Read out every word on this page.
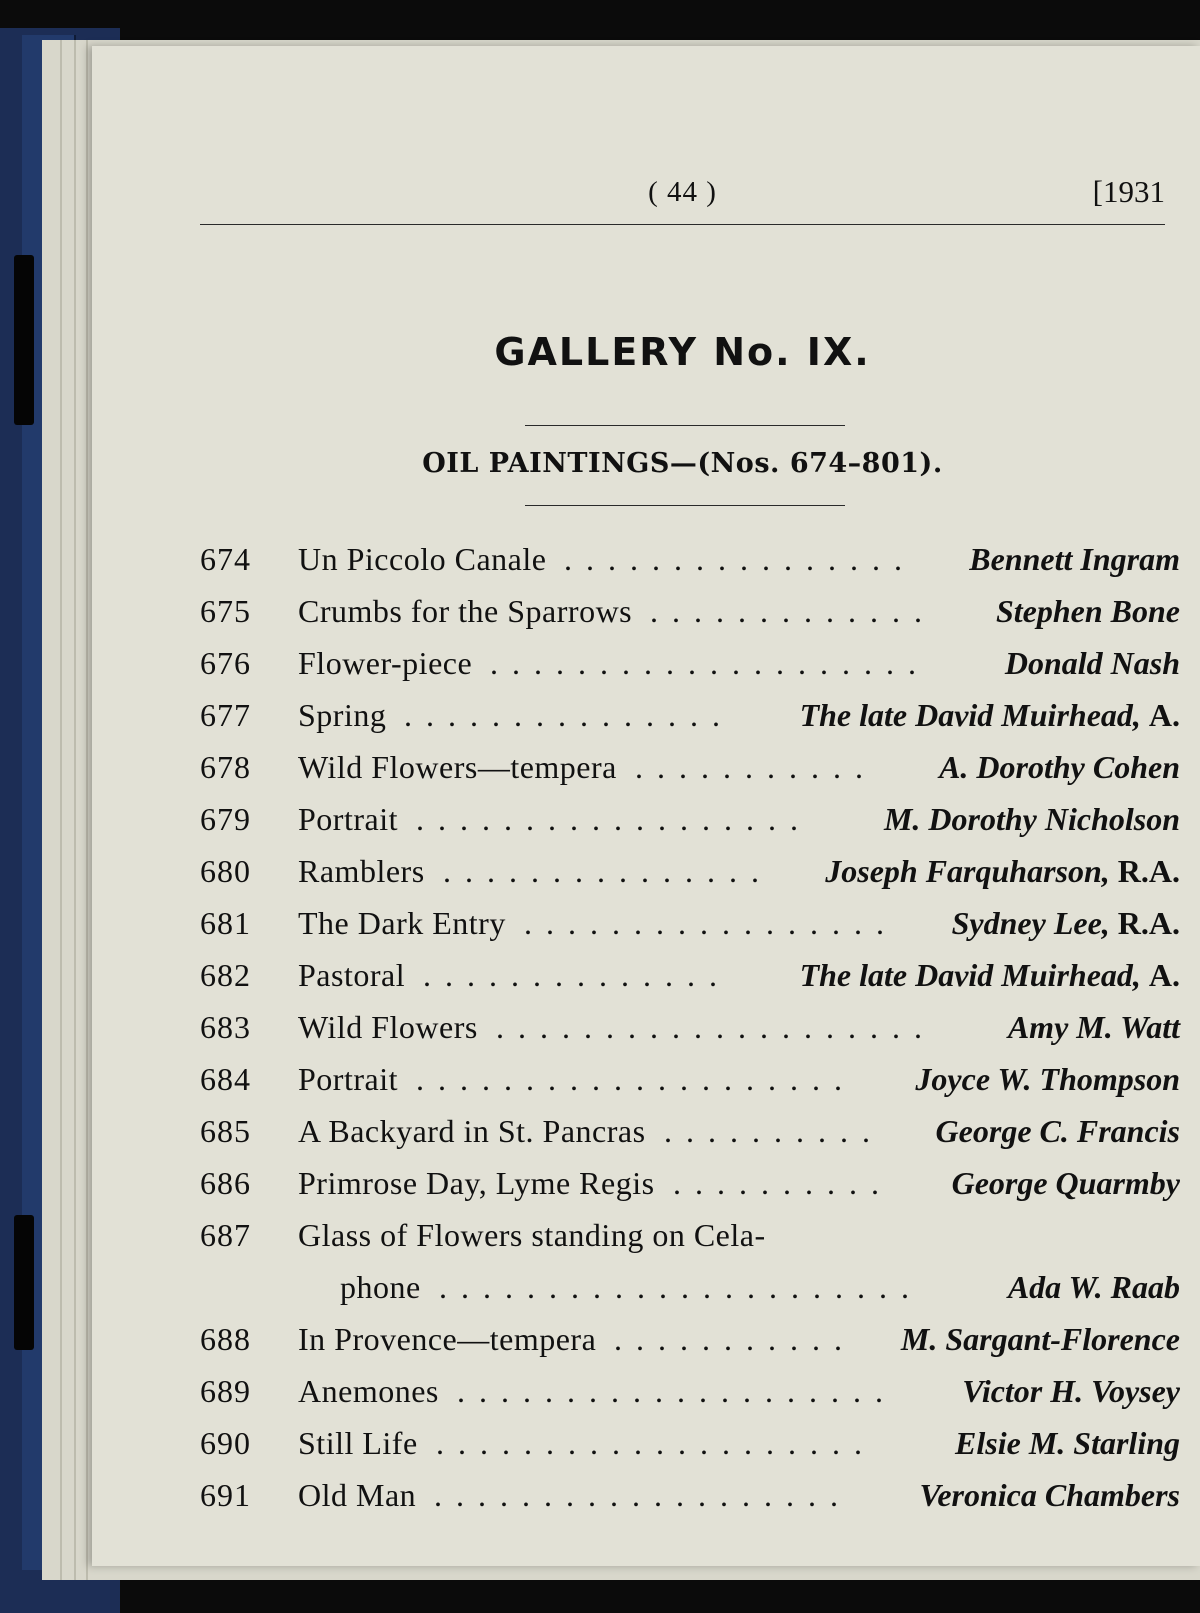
( 44 )	[1931
GALLERY No. IX.
OIL PAINTINGS—(Nos. 674–801).
674	Un Piccolo Canale	Bennett Ingram
................
675	Crumbs for the Sparrows	Stephen Bone
.............
676	Flower-piece	Donald Nash
....................
677	Spring	The late David Muirhead, A.
...............
678	Wild Flowers—tempera	A. Dorothy Cohen
...........
679	Portrait	M. Dorothy Nicholson
..................
680	Ramblers	Joseph Farquharson, R.A.
...............
681	The Dark Entry	Sydney Lee, R.A.
.................
682	Pastoral	The late David Muirhead, A.
..............
683	Wild Flowers	Amy M. Watt
....................
684	Portrait	Joyce W. Thompson
....................
685	A Backyard in St. Pancras	George C. Francis
..........
686	Primrose Day, Lyme Regis	George Quarmby
..........
687	Glass of Flowers standing on Cela-
phone	Ada W. Raab
......................
688	In Provence—tempera	M. Sargant-Florence
...........
689	Anemones	Victor H. Voysey
....................
690	Still Life	Elsie M. Starling
....................
691	Old Man	Veronica Chambers
...................
